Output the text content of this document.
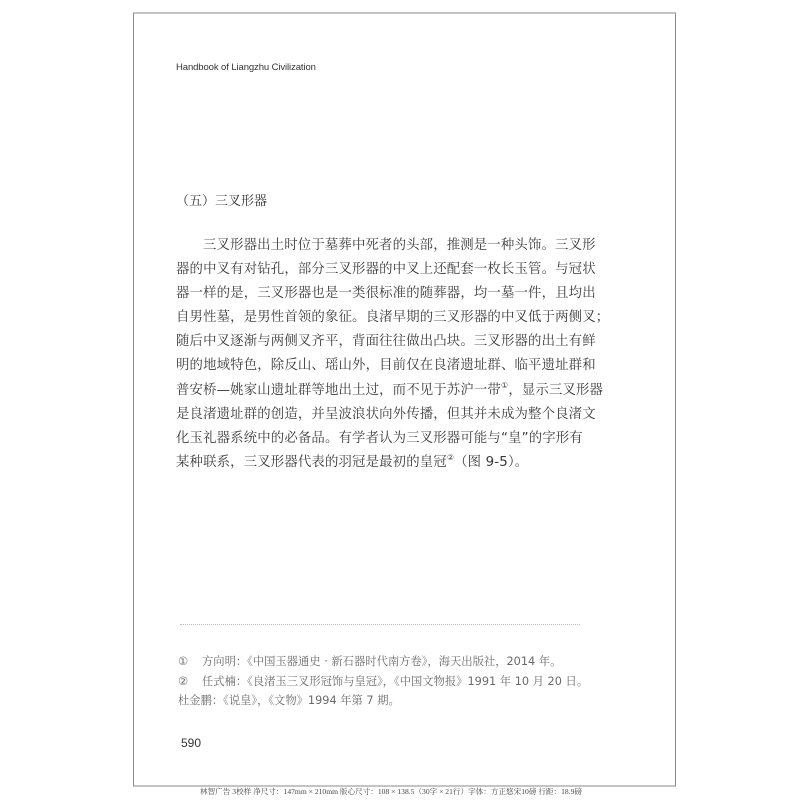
Handbook of Liangzhu Civilization
（五）三叉形器
三叉形器出土时位于墓葬中死者的头部，推测是一种头饰。三叉形
器的中叉有对钻孔，部分三叉形器的中叉上还配套一枚长玉管。与冠状
器一样的是，三叉形器也是一类很标准的随葬器，均一墓一件，且均出
自男性墓，是男性首领的象征。良渚早期的三叉形器的中叉低于两侧叉；
随后中叉逐渐与两侧叉齐平，背面往往做出凸块。三叉形器的出土有鲜
明的地域特色，除反山、瑶山外，目前仅在良渚遗址群、临平遗址群和
普安桥—姚家山遗址群等地出土过，而不见于苏沪一带①，显示三叉形器
是良渚遗址群的创造，并呈波浪状向外传播，但其并未成为整个良渚文
化玉礼器系统中的必备品。有学者认为三叉形器可能与“皇”的字形有
某种联系，三叉形器代表的羽冠是最初的皇冠②（图 9-5）。
① 方向明：《中国玉器通史 · 新石器时代南方卷》，海天出版社，2014 年。
② 任式楠：《良渚玉三叉形冠饰与皇冠》，《中国文物报》1991 年 10 月 20 日。
杜金鹏：《说皇》，《文物》1994 年第 7 期。
590
林智广告 3校样 净尺寸：147mm × 210mm 版心尺寸：108 × 138.5（30字 × 21行）字体：方正悠宋10磅 行距：18.9磅
